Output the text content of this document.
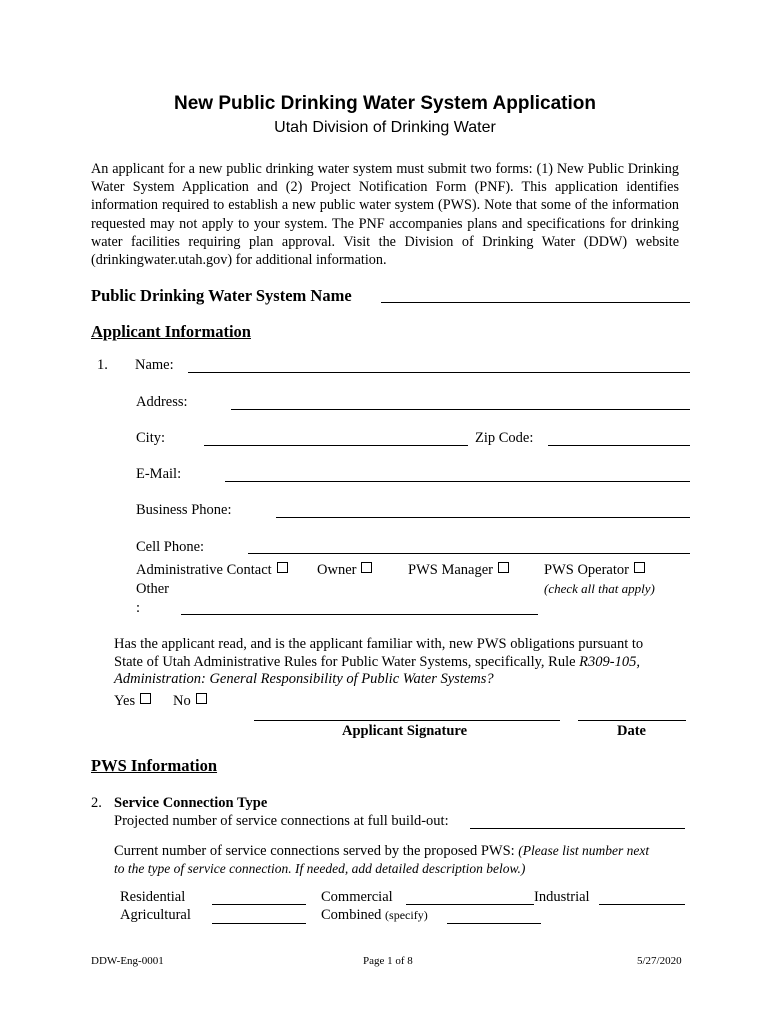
New Public Drinking Water System Application
Utah Division of Drinking Water
An applicant for a new public drinking water system must submit two forms: (1) New Public Drinking Water System Application and (2) Project Notification Form (PNF). This application identifies information required to establish a new public water system (PWS). Note that some of the information requested may not apply to your system. The PNF accompanies plans and specifications for drinking water facilities requiring plan approval. Visit the Division of Drinking Water (DDW) website (drinkingwater.utah.gov) for additional information.
Public Drinking Water System Name
Applicant Information
1. Name:
Address:
City:	Zip Code:
E-Mail:
Business Phone:
Cell Phone:
Administrative Contact	Owner	PWS Manager	PWS Operator
(check all that apply)
Other
:
Has the applicant read, and is the applicant familiar with, new PWS obligations pursuant to
State of Utah Administrative Rules for Public Water Systems, specifically, Rule R309-105,
Administration: General Responsibility of Public Water Systems?
Yes	No
Applicant Signature	Date
PWS Information
2. Service Connection Type
Projected number of service connections at full build-out:
Current number of service connections served by the proposed PWS: (Please list number next
to the type of service connection. If needed, add detailed description below.)
Residential	Commercial	Industrial
Agricultural	Combined (specify)
DDW-Eng-0001	Page 1 of 8	5/27/2020
